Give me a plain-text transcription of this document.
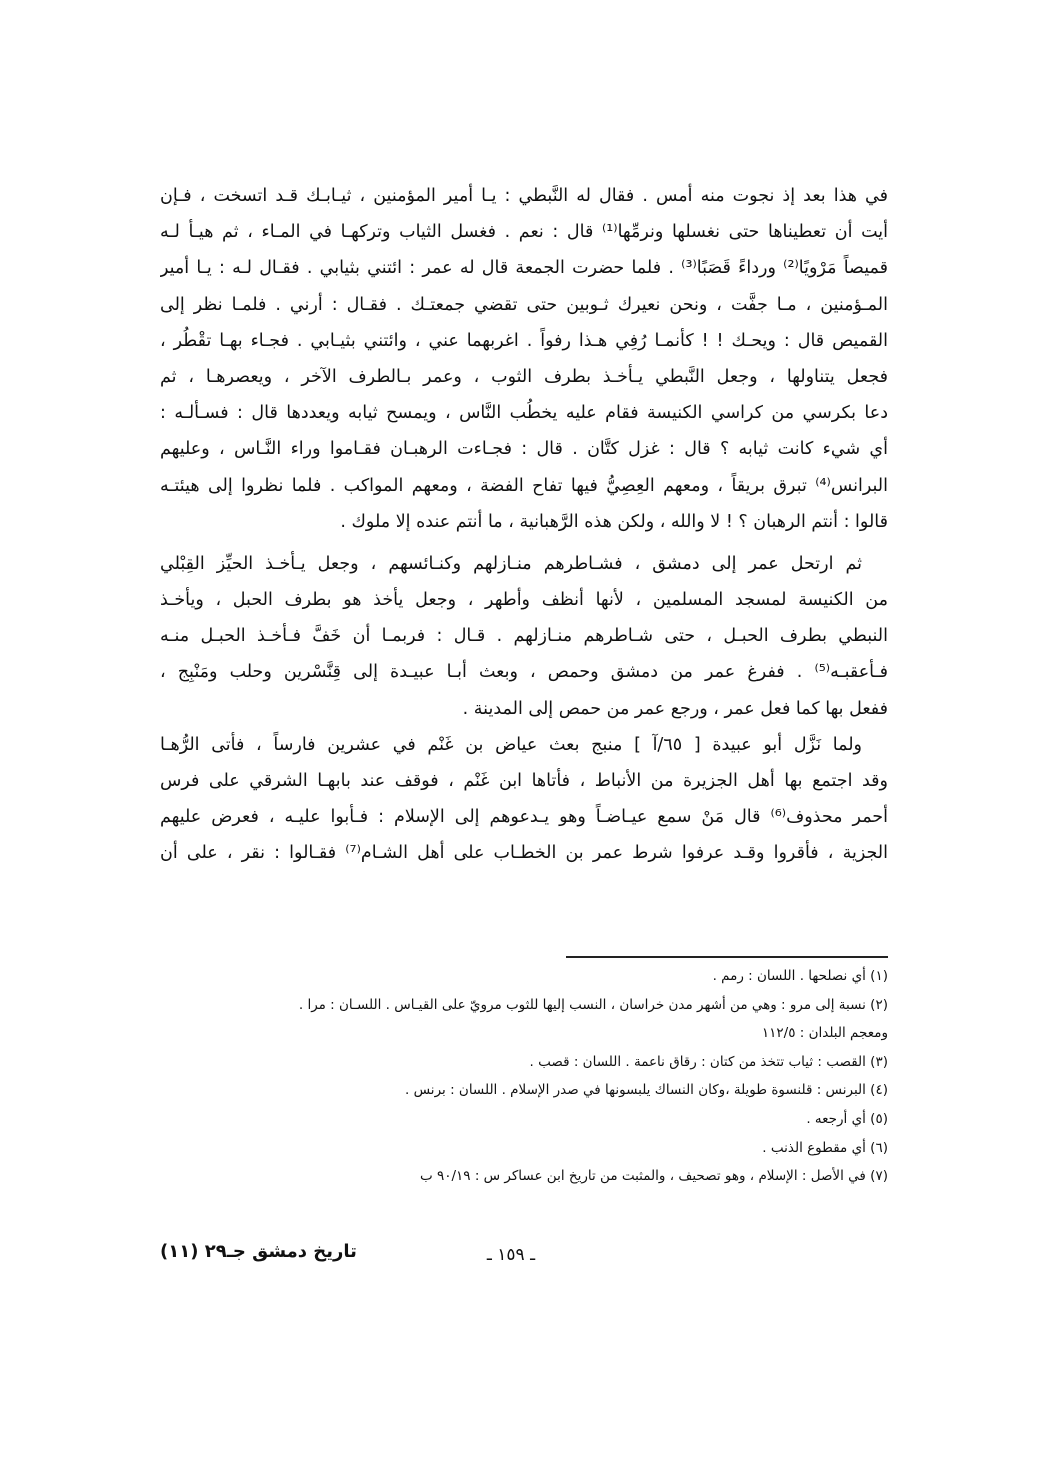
في هذا بعد إذ نجوت منه أمس . فقال له النَّبطي : يـا أمير المؤمنين ، ثيـابـك قـد اتسخت ، فـإن
أيت أن تعطيناها حتى نغسلها ونرمِّها⁽¹⁾ قال : نعم . فغسل الثياب وتركهـا في المـاء ، ثم هيـأ لـه
قميصاً مَرْويًا⁽²⁾ ورداءً قَصَبًا⁽³⁾ . فلما حضرت الجمعة قال له عمر : ائتني بثيابي . فقـال لـه : يـا أمير
المـؤمنين ، مـا جفَّت ، ونحن نعيرك ثـوبين حتى تقضي جمعتـك . فقـال : أرني . فلمـا نظر إلى
القميص قال : ويحـك ! ! كأنمـا رُفِي هـذا رفواً . اغربهما عني ، وائتني بثيـابي . فجـاء بهـا تقْطُر ،
فجعل يتناولها ، وجعل النَّبطي يـأخـذ بطرف الثوب ، وعمر بـالطرف الآخر ، ويعصرهـا ، ثم
دعا بكرسي من كراسي الكنيسة فقام عليه يخطُب النَّاس ، ويمسح ثيابه ويعددها قال : فسـألـه :
أي شيء كانت ثيابه ؟ قال : غزل كتَّان . قال : فجـاءت الرهبـان فقـاموا وراء النَّـاس ، وعليهم
البرانس⁽⁴⁾ تبرق بريقاً ، ومعهم العِصِيُّ فيها تفاح الفضة ، ومعهم المواكب . فلما نظروا إلى هيئتـه
قالوا : أنتم الرهبان ؟ ! لا والله ، ولكن هذه الرَّهبانية ، ما أنتم عنده إلا ملوك .
ثم ارتحل عمر إلى دمشق ، فشـاطرهم منـازلهم وكنـائسهم ، وجعل يـأخـذ الحيِّز القِبْلي
من الكنيسة لمسجد المسلمين ، لأنها أنظف وأطهر ، وجعل يأخذ هو بطرف الحبل ، ويأخـذ
النبطي بطرف الحبـل ، حتى شـاطرهم منـازلهم . قـال : فربمـا أن خَفَّ فـأخـذ الحبـل منـه
فـأعقبـه⁽⁵⁾ . ففرغ عمر من دمشق وحمص ، وبعث أبـا عبيـدة إلى قِنَّسْرين وحلب ومَنْبِج ،
ففعل بها كما فعل عمر ، ورجع عمر من حمص إلى المدينة .
ولما نَزَّل أبو عبيدة [ ٦٥/آ ] منبج بعث عياض بن غَنْم في عشرين فارساً ، فأتى الرُّهـا
وقد اجتمع بها أهل الجزيرة من الأنباط ، فأتاها ابن غَنْم ، فوقف عند بابهـا الشرقي على فرس
أحمر محذوف⁽⁶⁾ قال مَنْ سمع عيـاضـاً وهو يـدعوهم إلى الإسلام : فـأبوا عليـه ، فعرض عليهم
الجزية ، فأقروا وقـد عرفوا شرط عمر بن الخطـاب على أهل الشـام⁽⁷⁾ فقـالوا : نقر ، على أن
(١) أي نصلحها . اللسان : رمم .
(٢) نسبة إلى مرو : وهي من أشهر مدن خراسان ، النسب إليها للثوب مرويّ على القيـاس . اللسـان : مرا .
ومعجم البلدان : ١١٢/٥
(٣) القصب : ثياب تتخذ من كتان : رقاق ناعمة . اللسان : قصب .
(٤) البرنس : قلنسوة طويلة ،وكان النساك يلبسونها في صدر الإسلام . اللسان : برنس .
(٥) أي أرجعه .
(٦) أي مقطوع الذنب .
(٧) في الأصل : الإسلام ، وهو تصحيف ، والمثبت من تاريخ ابن عساكر س : ٩٠/١٩ ب
ـ ١٥٩ ـ
تاريخ دمشق جـ٢٩ (١١)
